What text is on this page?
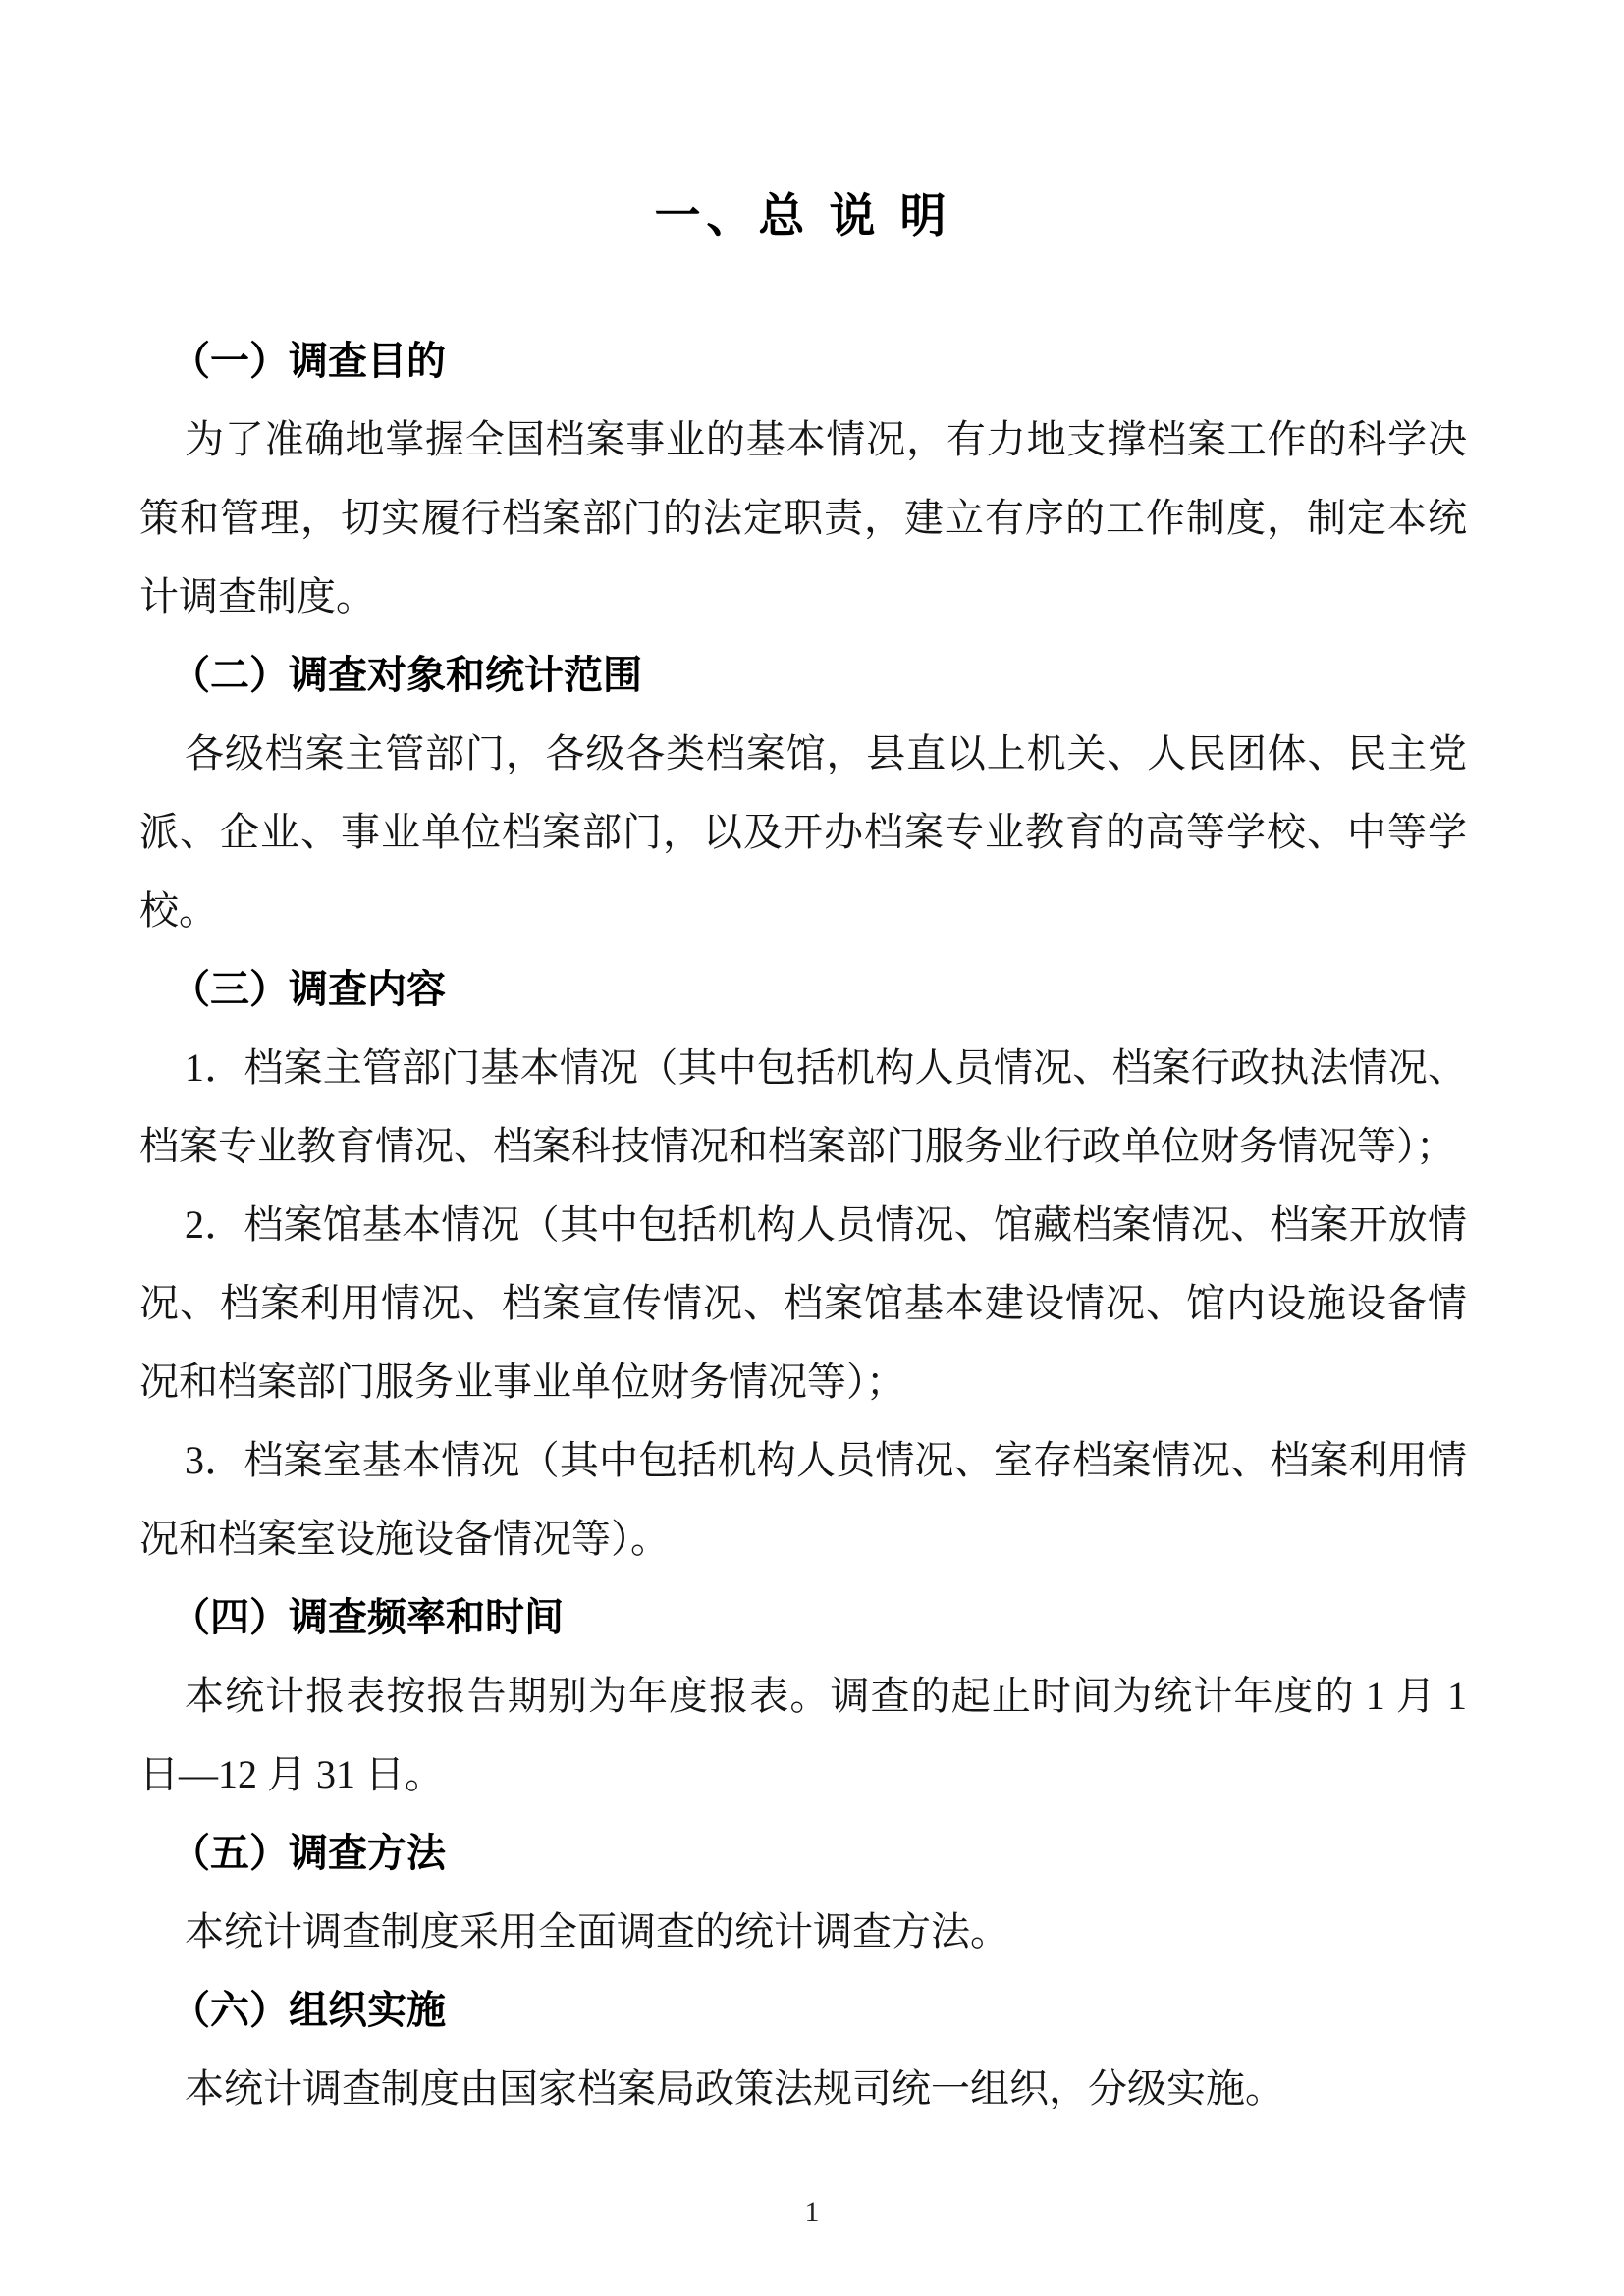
一、总 说 明
（一）调查目的

为了准确地掌握全国档案事业的基本情况，有力地支撑档案工作的科学决策和管理，切实履行档案部门的法定职责，建立有序的工作制度，制定本统计调查制度。

（二）调查对象和统计范围

各级档案主管部门，各级各类档案馆，县直以上机关、人民团体、民主党派、企业、事业单位档案部门，以及开办档案专业教育的高等学校、中等学校。

（三）调查内容

1．档案主管部门基本情况（其中包括机构人员情况、档案行政执法情况、档案专业教育情况、档案科技情况和档案部门服务业行政单位财务情况等）；

2．档案馆基本情况（其中包括机构人员情况、馆藏档案情况、档案开放情况、档案利用情况、档案宣传情况、档案馆基本建设情况、馆内设施设备情况和档案部门服务业事业单位财务情况等）；

3．档案室基本情况（其中包括机构人员情况、室存档案情况、档案利用情况和档案室设施设备情况等）。

（四）调查频率和时间

本统计报表按报告期别为年度报表。调查的起止时间为统计年度的 1 月 1 日—12 月 31 日。

（五）调查方法

本统计调查制度采用全面调查的统计调查方法。

（六）组织实施

本统计调查制度由国家档案局政策法规司统一组织，分级实施。

1
